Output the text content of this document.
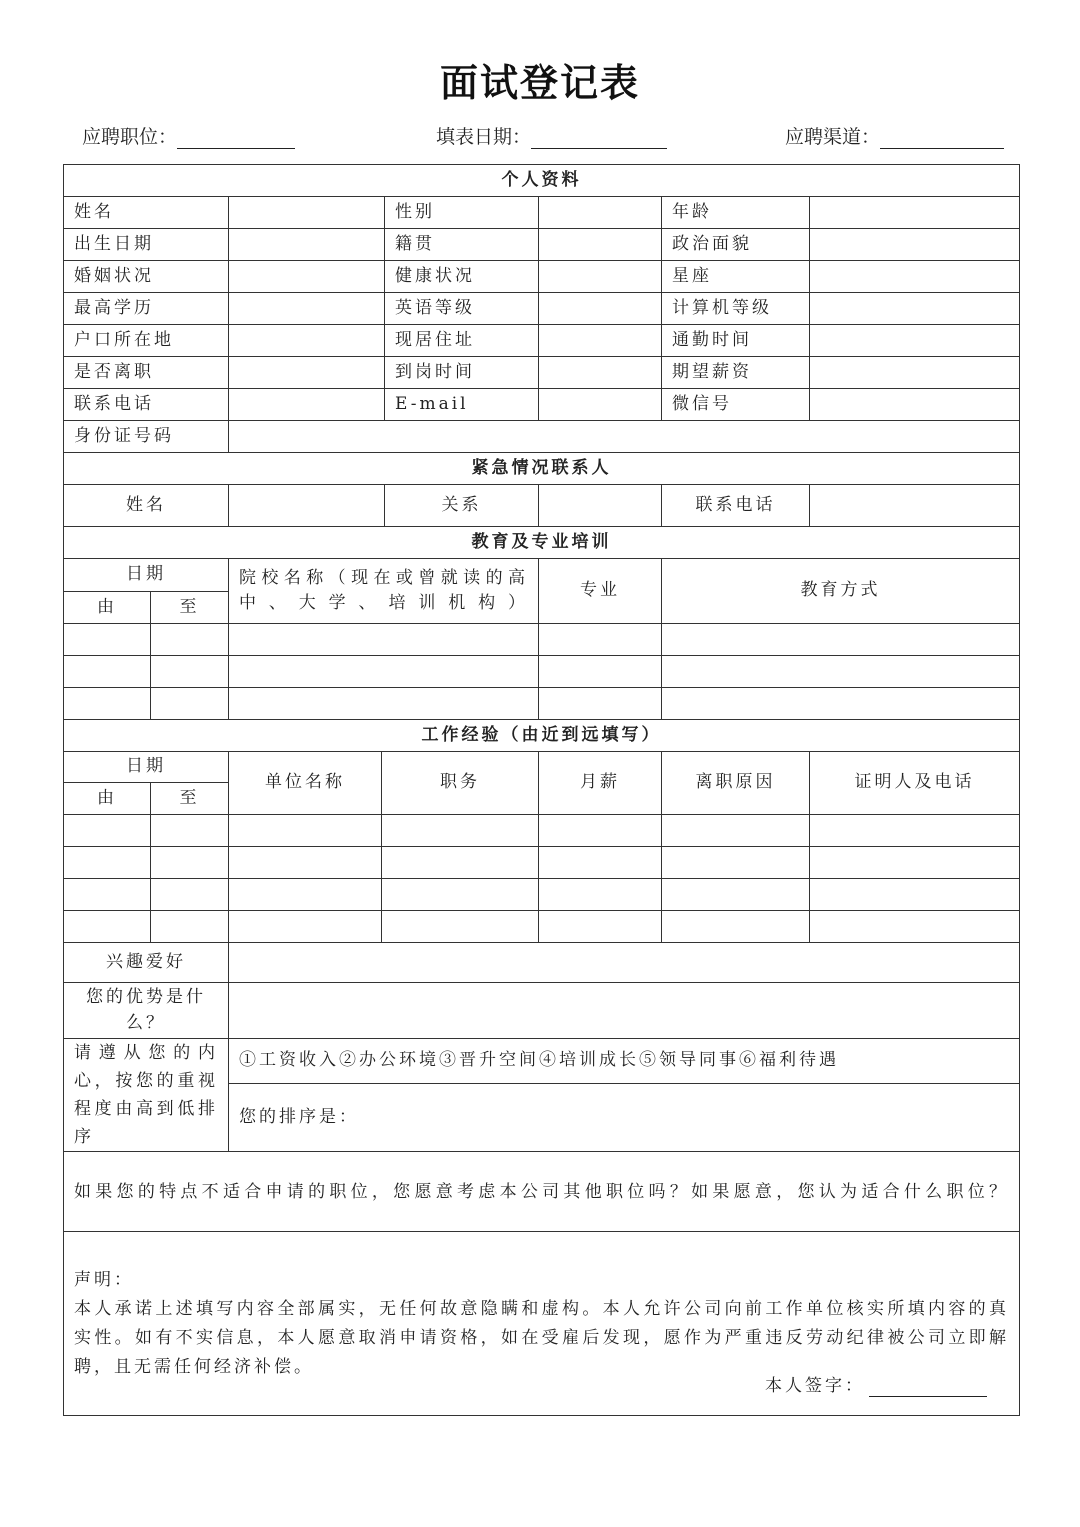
面试登记表
应聘职位：	填表日期：	应聘渠道：
个人资料							
姓名				性别		年龄	
出生日期				籍贯		政治面貌	
婚姻状况				健康状况		星座	
最高学历				英语等级		计算机等级	
户口所在地				现居住址		通勤时间	
是否离职				到岗时间		期望薪资	
联系电话				E-mail		微信号	
身份证号码							
紧急情况联系人							
姓名				关系		联系电话	
教育及专业培训							
日期		院校名称（现在或曾就读的高中、大学、培训机构）			专业	教育方式	
由	至						

工作经验（由近到远填写）							
日期		单位名称	职务		月薪	离职原因	证明人及电话
由	至						

兴趣爱好							
您的优势是什么？							
请遵从您的内心，按您的重视程度由高到低排序		①工资收入②办公环境③晋升空间④培训成长⑤领导同事⑥福利待遇					
		您的排序是：					
如果您的特点不适合申请的职位，您愿意考虑本公司其他职位吗？如果愿意，您认为适合什么职位？							

声明：
本人承诺上述填写内容全部属实，无任何故意隐瞒和虚构。本人允许公司向前工作单位核实所填内容的真实性。如有不实信息，本人愿意取消申请资格，如在受雇后发现，愿作为严重违反劳动纪律被公司立即解聘，且无需任何经济补偿。
本人签字：							
